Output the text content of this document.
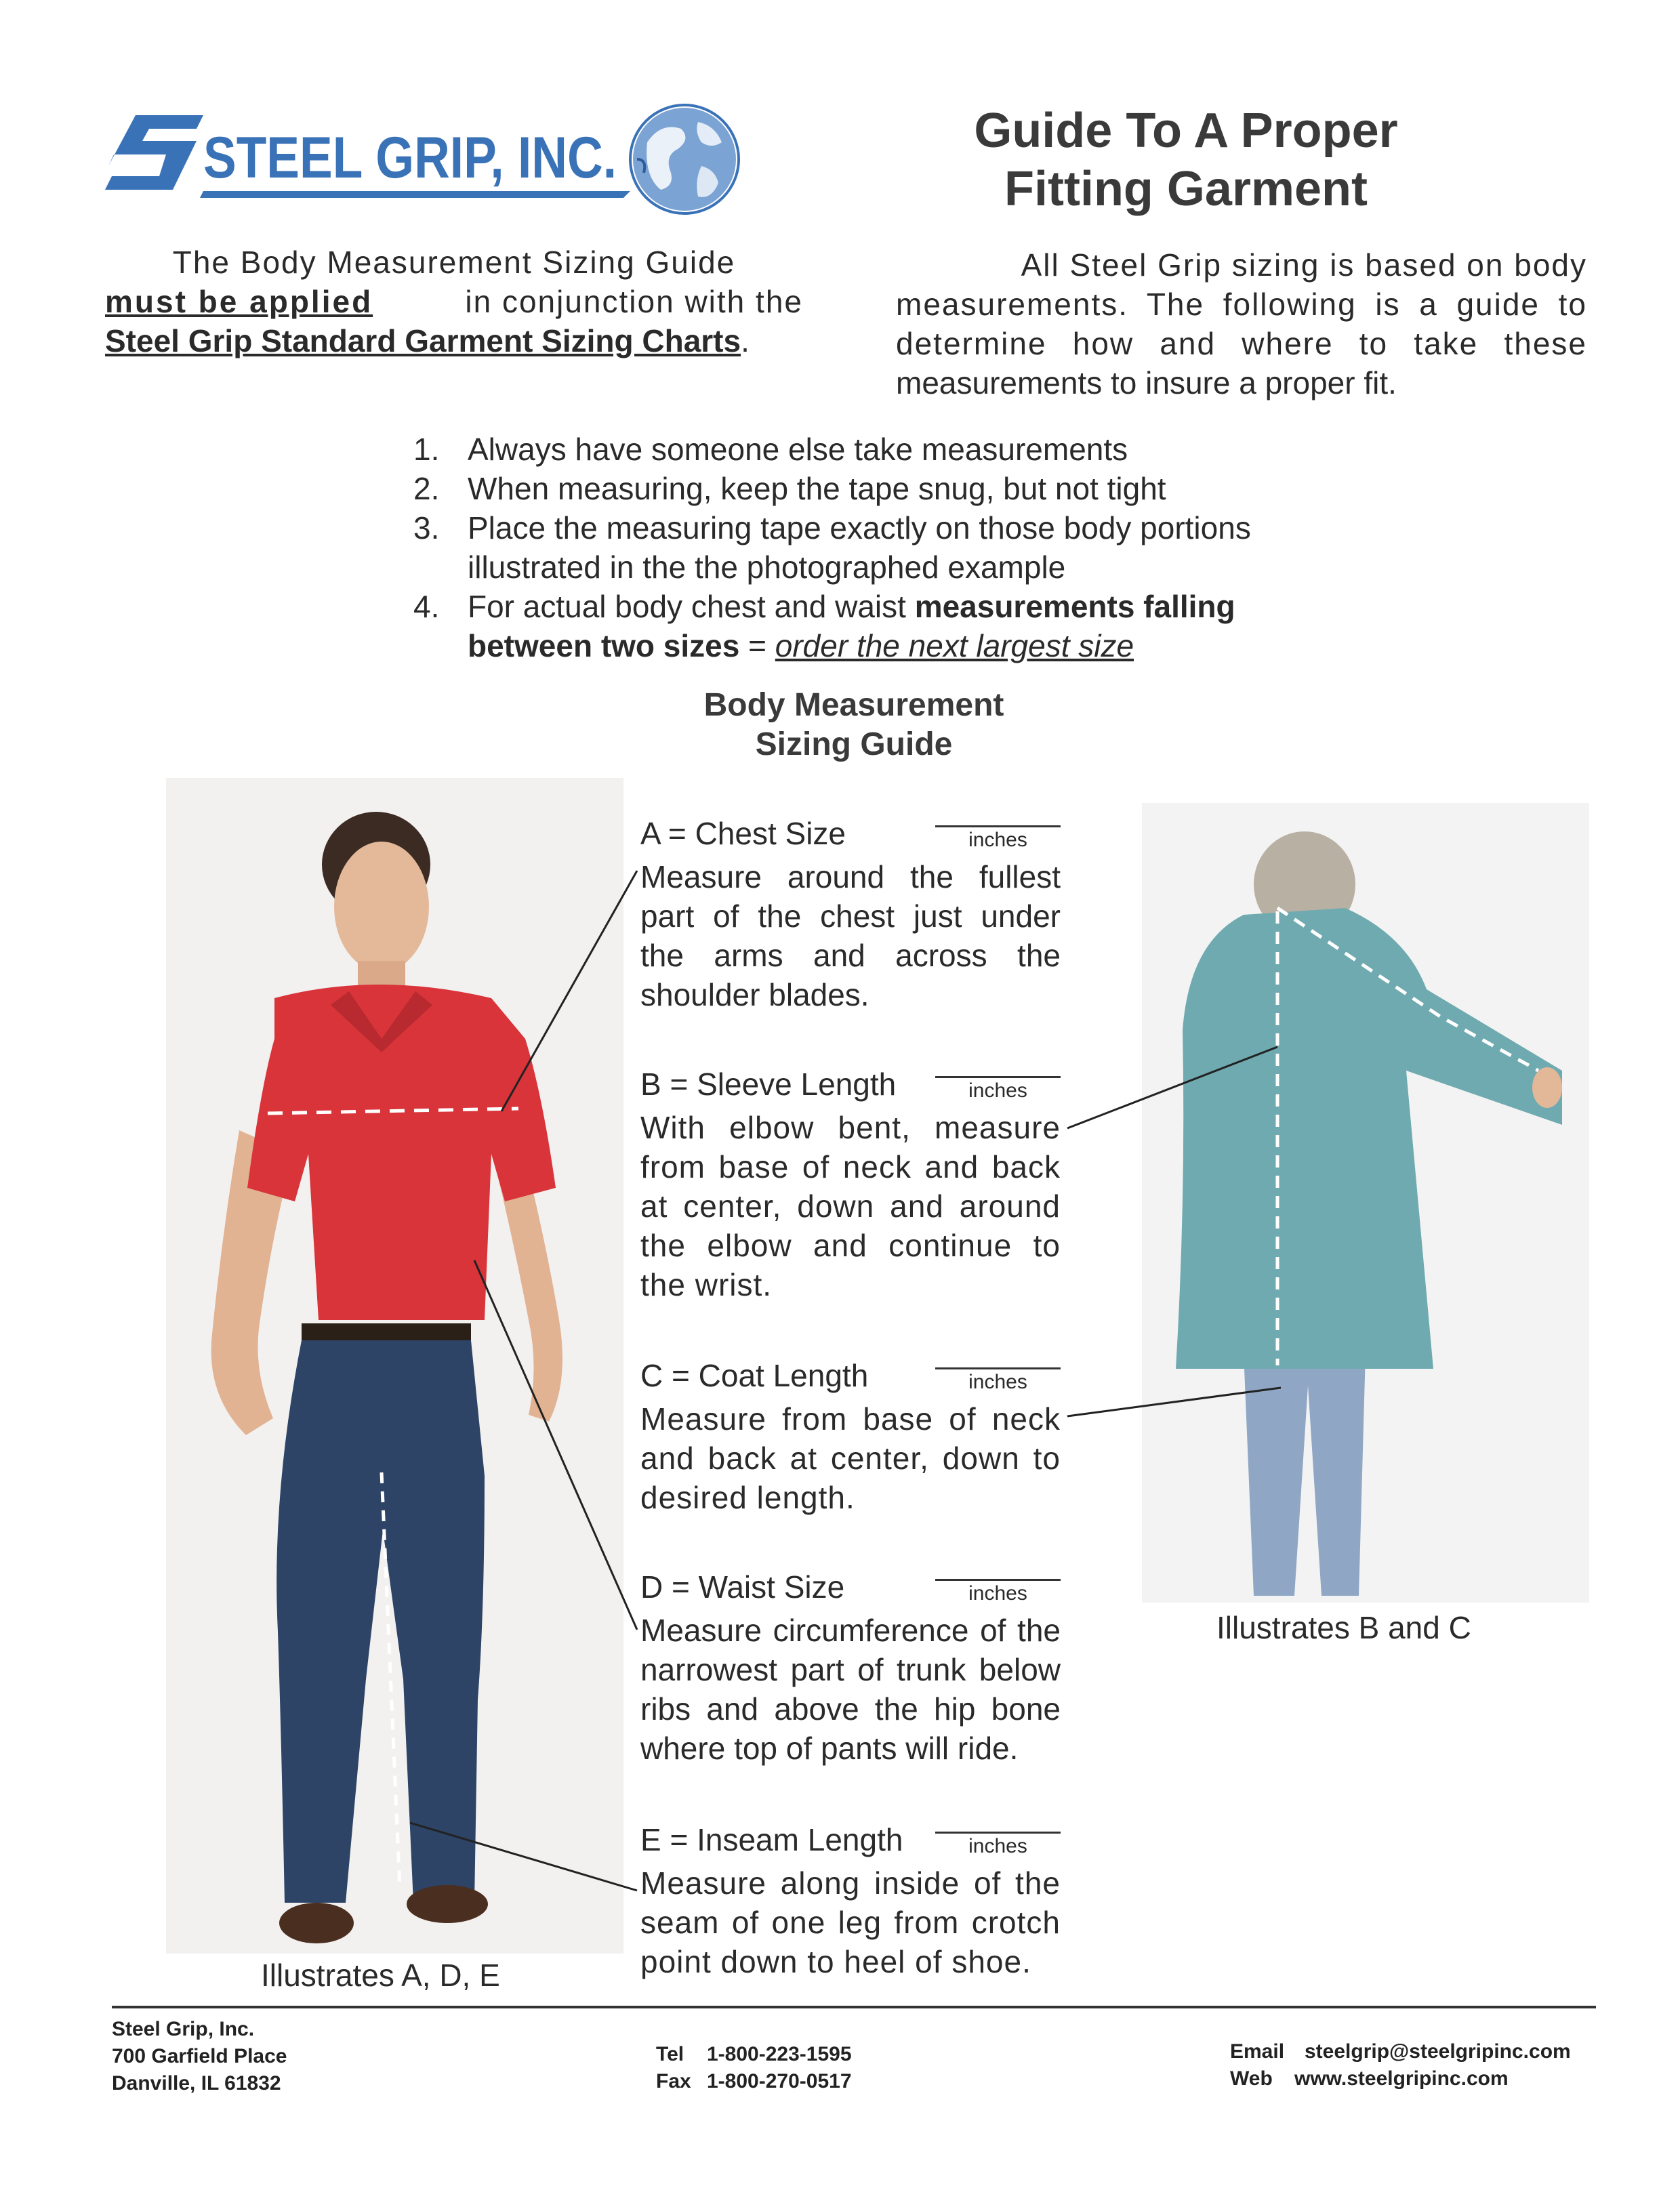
STEEL GRIP, INC.	Guide To A Proper
Fitting Garment
The Body Measurement Sizing Guide
must be applied	in conjunction with the
Steel Grip Standard Garment Sizing Charts.
All Steel Grip sizing is based on body
measurements. The following is a guide to
determine how and where to take these
measurements to insure a proper fit.
1. Always have someone else take measurements
2. When measuring, keep the tape snug, but not tight
3. Place the measuring tape exactly on those body portions
illustrated in the the photographed example
4. For actual body chest and waist measurements falling
between two sizes = order the next largest size
Body Measurement
Sizing Guide
Illustrates A, D, E
Illustrates B and C
A = Chest Size	inches
Measure around the fullest part of the chest just under the arms and across the shoulder blades.
B = Sleeve Length	inches
With elbow bent, measure from base of neck and back at center, down and around the elbow and continue to the wrist.
C = Coat Length	inches
Measure from base of neck and back at center, down to desired length.
D = Waist Size	inches
Measure circumference of the narrowest part of trunk below ribs and above the hip bone where top of pants will ride.
E = Inseam Length	inches
Measure along inside of the seam of one leg from crotch point down to heel of shoe.
Steel Grip, Inc.
700 Garfield Place
Danville, IL 61832
Tel 1-800-223-1595
Fax 1-800-270-0517
Email steelgrip@steelgripinc.com
Web www.steelgripinc.com
